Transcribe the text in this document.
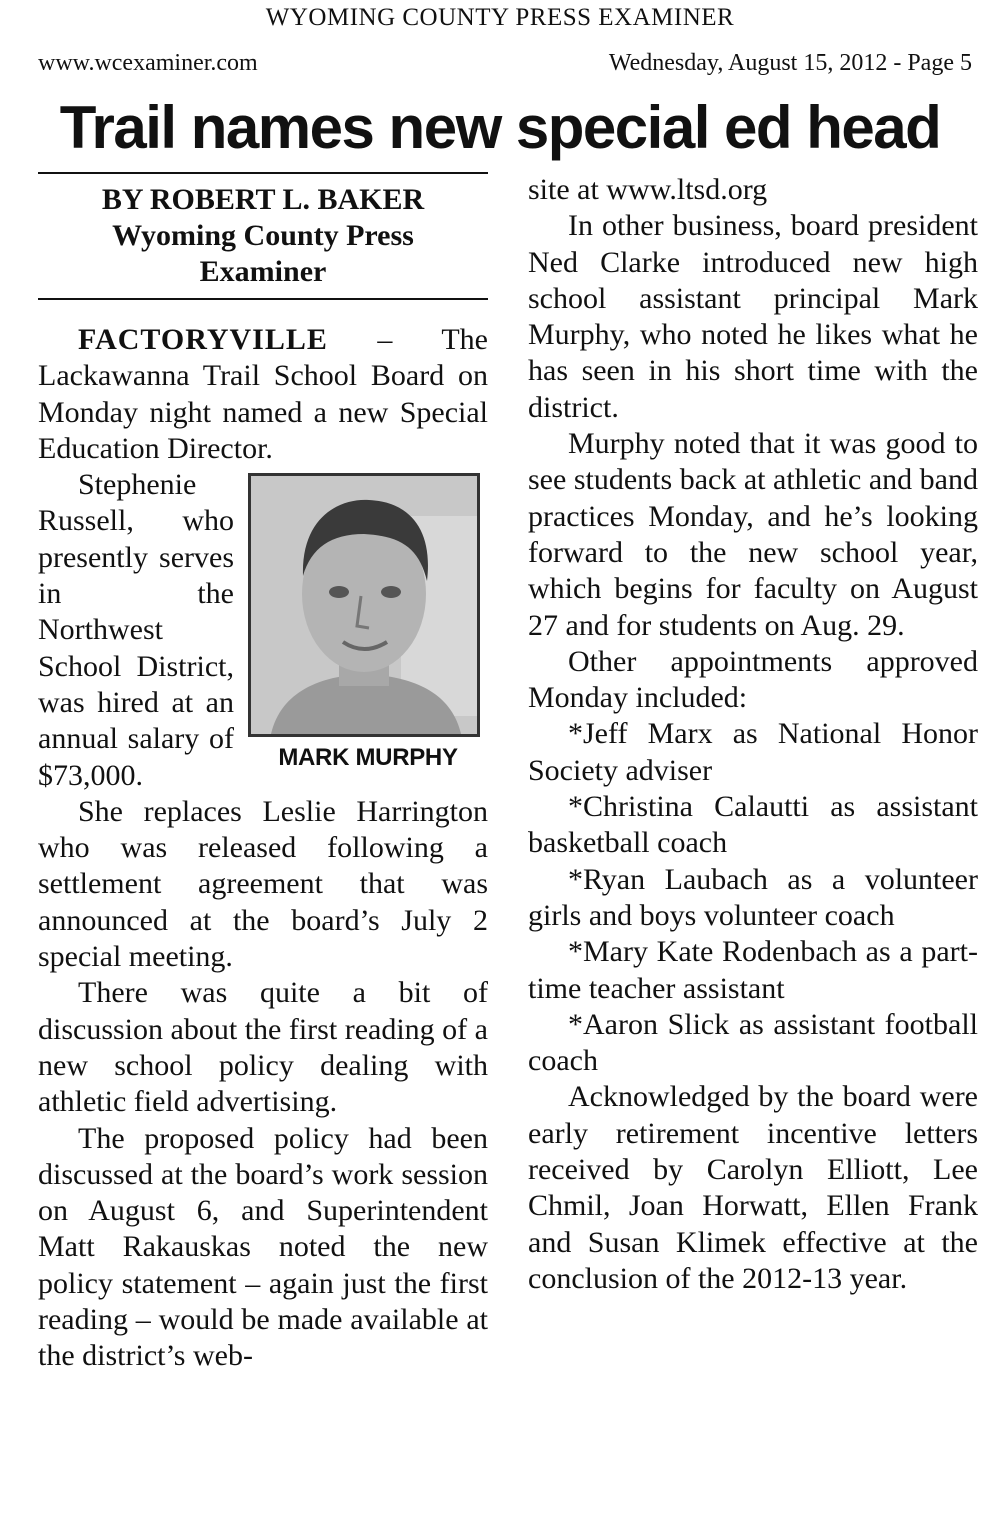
WYOMING COUNTY PRESS EXAMINER
www.wcexaminer.com	Wednesday, August 15, 2012 - Page 5
Trail names new special ed head
BY ROBERT L. BAKER
Wyoming County Press
Examiner

FACTORYVILLE – The Lackawanna Trail School Board on Monday night named a new Special Education Director.

MARK MURPHY

Stephenie Russell, who presently serves in the Northwest School District, was hired at an annual salary of $73,000.

She replaces Leslie Harrington who was released following a settlement agreement that was announced at the board’s July 2 special meeting.

There was quite a bit of discussion about the first reading of a new school policy dealing with athletic field advertising.

The proposed policy had been discussed at the board’s work session on August 6, and Superintendent Matt Rakauskas noted the new policy statement – again just the first reading – would be made available at the district’s web-

site at www.ltsd.org

In other business, board president Ned Clarke introduced new high school assistant principal Mark Murphy, who noted he likes what he has seen in his short time with the district.

Murphy noted that it was good to see students back at athletic and band practices Monday, and he’s looking forward to the new school year, which begins for faculty on August 27 and for students on Aug. 29.

Other appointments approved Monday included:

*Jeff Marx as National Honor Society adviser

*Christina Calautti as assistant basketball coach

*Ryan Laubach as a volunteer girls and boys volunteer coach

*Mary Kate Rodenbach as a part-time teacher assistant

*Aaron Slick as assistant football coach

Acknowledged by the board were early retirement incentive letters received by Carolyn Elliott, Lee Chmil, Joan Horwatt, Ellen Frank and Susan Klimek effective at the conclusion of the 2012-13 year.
